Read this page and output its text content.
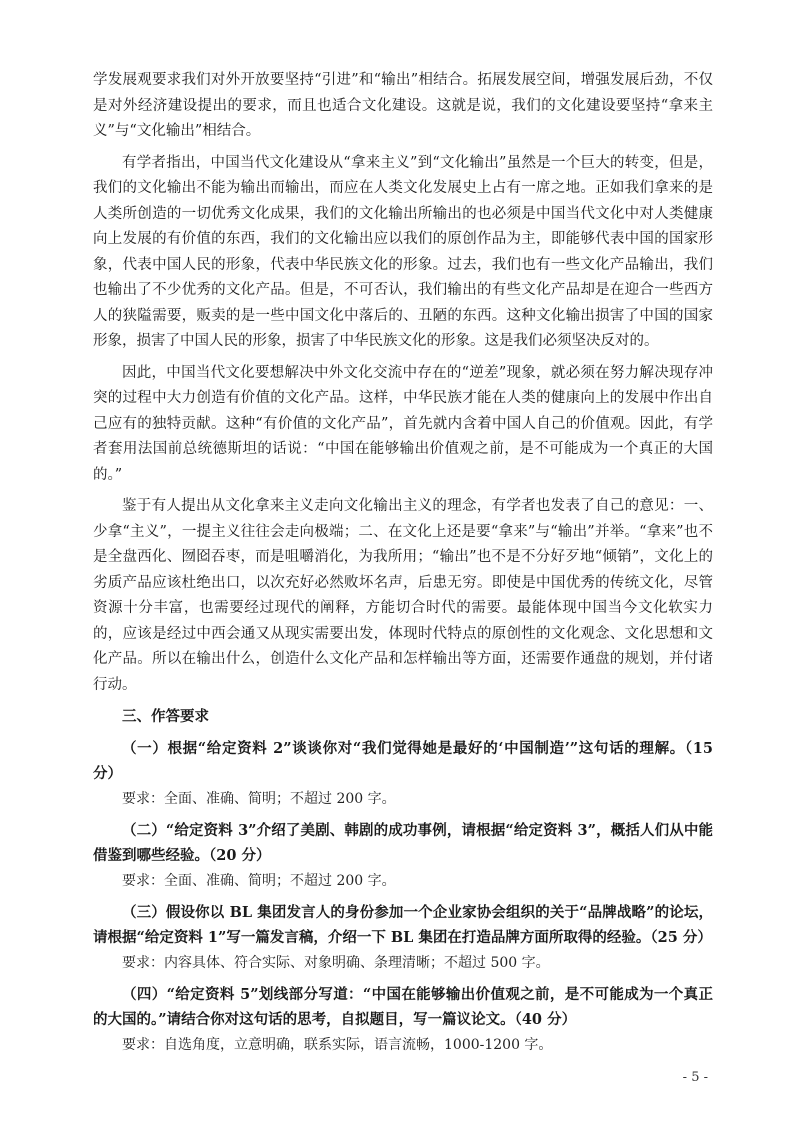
学发展观要求我们对外开放要坚持“引进”和“输出”相结合。拓展发展空间，增强发展后劲，不仅是对外经济建设提出的要求，而且也适合文化建设。这就是说，我们的文化建设要坚持“拿来主义”与“文化输出”相结合。

有学者指出，中国当代文化建设从“拿来主义”到“文化输出”虽然是一个巨大的转变，但是，我们的文化输出不能为输出而输出，而应在人类文化发展史上占有一席之地。正如我们拿来的是人类所创造的一切优秀文化成果，我们的文化输出所输出的也必须是中国当代文化中对人类健康向上发展的有价值的东西，我们的文化输出应以我们的原创作品为主，即能够代表中国的国家形象，代表中国人民的形象，代表中华民族文化的形象。过去，我们也有一些文化产品输出，我们也输出了不少优秀的文化产品。但是，不可否认，我们输出的有些文化产品却是在迎合一些西方人的狭隘需要，贩卖的是一些中国文化中落后的、丑陋的东西。这种文化输出损害了中国的国家形象，损害了中国人民的形象，损害了中华民族文化的形象。这是我们必须坚决反对的。

因此，中国当代文化要想解决中外文化交流中存在的“逆差”现象，就必须在努力解决现存冲突的过程中大力创造有价值的文化产品。这样，中华民族才能在人类的健康向上的发展中作出自己应有的独特贡献。这种“有价值的文化产品”，首先就内含着中国人自己的价值观。因此，有学者套用法国前总统德斯坦的话说：“中国在能够输出价值观之前，是不可能成为一个真正的大国的。”

鉴于有人提出从文化拿来主义走向文化输出主义的理念，有学者也发表了自己的意见：一、少拿“主义”，一提主义往往会走向极端；二、在文化上还是要“拿来”与“输出”并举。“拿来”也不是全盘西化、囫囵吞枣，而是咀嚼消化，为我所用；“输出”也不是不分好歹地“倾销”，文化上的劣质产品应该杜绝出口，以次充好必然败坏名声，后患无穷。即使是中国优秀的传统文化，尽管资源十分丰富，也需要经过现代的阐释，方能切合时代的需要。最能体现中国当今文化软实力的，应该是经过中西会通又从现实需要出发，体现时代特点的原创性的文化观念、文化思想和文化产品。所以在输出什么，创造什么文化产品和怎样输出等方面，还需要作通盘的规划，并付诸行动。

三、作答要求

（一）根据“给定资料 2”谈谈你对“我们觉得她是最好的‘中国制造’”这句话的理解。（15 分）

要求：全面、准确、简明；不超过 200 字。

（二）“给定资料 3”介绍了美剧、韩剧的成功事例，请根据“给定资料 3”，概括人们从中能借鉴到哪些经验。（20 分）

要求：全面、准确、简明；不超过 200 字。

（三）假设你以 BL 集团发言人的身份参加一个企业家协会组织的关于“品牌战略”的论坛，请根据“给定资料 1”写一篇发言稿，介绍一下 BL 集团在打造品牌方面所取得的经验。（25 分）

要求：内容具体、符合实际、对象明确、条理清晰；不超过 500 字。

（四）“给定资料 5”划线部分写道：“中国在能够输出价值观之前，是不可能成为一个真正的大国的。”请结合你对这句话的思考，自拟题目，写一篇议论文。（40 分）

要求：自选角度，立意明确，联系实际，语言流畅，1000-1200 字。

- 5 -
